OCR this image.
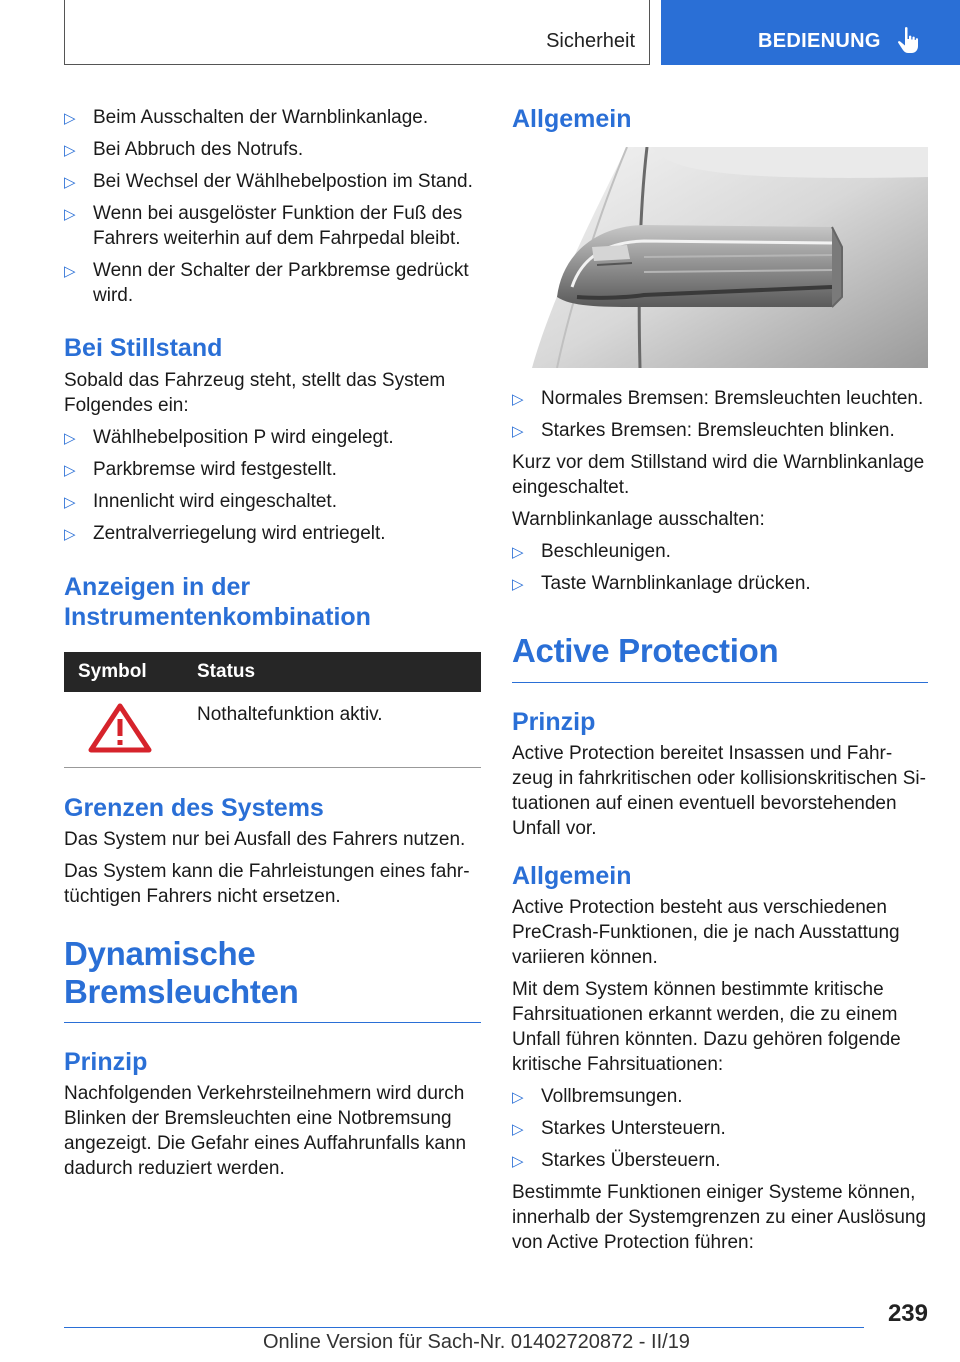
Sicherheit	BEDIENUNG
▷ Beim Ausschalten der Warnblinkanlage.
▷ Bei Abbruch des Notrufs.
▷ Bei Wechsel der Wählhebelpostion im Stand.
▷ Wenn bei ausgelöster Funktion der Fuß des Fahrers weiterhin auf dem Fahrpedal bleibt.
▷ Wenn der Schalter der Parkbremse gedrückt wird.
Bei Stillstand

Sobald das Fahrzeug steht, stellt das System Folgendes ein:

▷ Wählhebelposition P wird eingelegt.
▷ Parkbremse wird festgestellt.
▷ Innenlicht wird eingeschaltet.
▷ Zentralverriegelung wird entriegelt.
Anzeigen in der Instrumentenkombination
Symbol	Status
	Nothaltefunktion aktiv.
Grenzen des Systems

Das System nur bei Ausfall des Fahrers nutzen.

Das System kann die Fahrleistungen eines fahr‐tüchtigen Fahrers nicht ersetzen.

Dynamische Bremsleuchten
Prinzip

Nachfolgenden Verkehrsteilnehmern wird durch Blinken der Bremsleuchten eine Notbremsung angezeigt. Die Gefahr eines Auffahrunfalls kann dadurch reduziert werden.

Allgemein
▷ Normales Bremsen: Bremsleuchten leuchten.
▷ Starkes Bremsen: Bremsleuchten blinken.

Kurz vor dem Stillstand wird die Warnblinkanlage eingeschaltet.

Warnblinkanlage ausschalten:

▷ Beschleunigen.
▷ Taste Warnblinkanlage drücken.
Active Protection
Prinzip

Active Protection bereitet Insassen und Fahr‐zeug in fahrkritischen oder kollisionskritischen Si‐tuationen auf einen eventuell bevorstehenden Unfall vor.

Allgemein

Active Protection besteht aus verschiedenen PreCrash-Funktionen, die je nach Ausstattung variieren können.

Mit dem System können bestimmte kritische Fahrsituationen erkannt werden, die zu einem Unfall führen könnten. Dazu gehören folgende kritische Fahrsituationen:

▷ Vollbremsungen.
▷ Starkes Untersteuern.
▷ Starkes Übersteuern.

Bestimmte Funktionen einiger Systeme können, innerhalb der Systemgrenzen zu einer Auslösung von Active Protection führen:

239
Online Version für Sach-Nr. 01402720872 - II/19
